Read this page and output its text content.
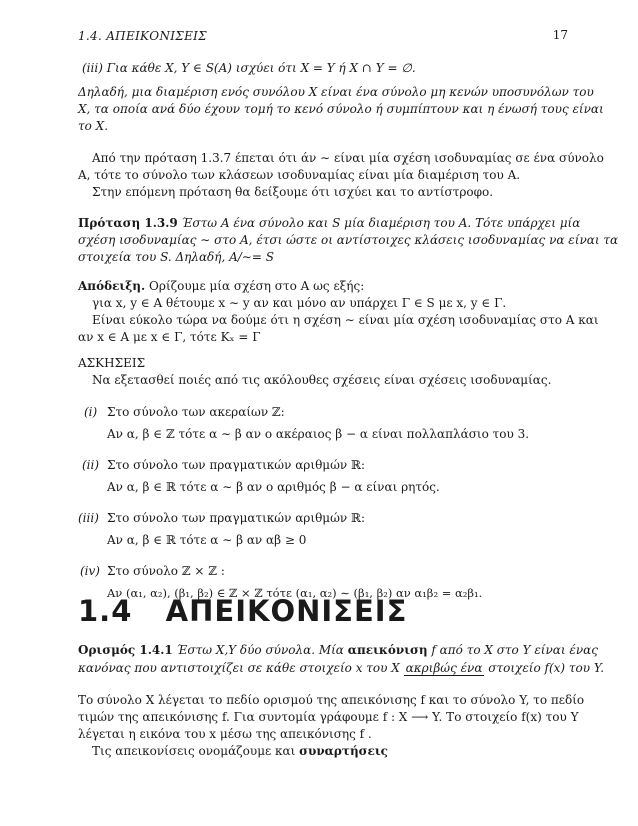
1.4. ΑΠΕΙΚΟΝΙΣΕΙΣ	17
(iii) Για κάθε X, Y ∈ S(A) ισχύει ότι X = Y ή X ∩ Y = ∅.
Δηλαδή, μια διαμέριση ενός συνόλου X είναι ένα σύνολο μη κενών υποσυνόλων του
X, τα οποία ανά δύο έχουν τομή το κενό σύνολο ή συμπίπτουν και η ένωσή τους είναι
το X.
Από την πρόταση 1.3.7 έπεται ότι άν ∼ είναι μία σχέση ισοδυναμίας σε ένα σύνολο
A, τότε το σύνολο των κλάσεων ισοδυναμίας είναι μία διαμέριση του A.
Στην επόμενη πρόταση θα δείξουμε ότι ισχύει και το αντίστροφο.
Πρόταση 1.3.9 Έστω A ένα σύνολο και S μία διαμέριση του A. Τότε υπάρχει μία
σχέση ισοδυναμίας ∼ στο A, έτσι ώστε οι αντίστοιχες κλάσεις ισοδυναμίας να είναι τα
στοιχεία του S. Δηλαδή, A/∼= S
Απόδειξη. Ορίζουμε μία σχέση στο A ως εξής:
για x, y ∈ A θέτουμε x ∼ y αν και μόνο αν υπάρχει Γ ∈ S με x, y ∈ Γ.
Είναι εύκολο τώρα να δούμε ότι η σχέση ∼ είναι μία σχέση ισοδυναμίας στο A και
αν x ∈ A με x ∈ Γ, τότε Kₓ = Γ
ΑΣΚΗΣΕΙΣ
Να εξετασθεί ποιές από τις ακόλουθες σχέσεις είναι σχέσεις ισοδυναμίας.
(i) Στο σύνολο των ακεραίων ℤ:
Αν α, β ∈ ℤ τότε α ∼ β αν ο ακέραιος β − α είναι πολλαπλάσιο του 3.
(ii) Στο σύνολο των πραγματικών αριθμών ℝ:
Αν α, β ∈ ℝ τότε α ∼ β αν ο αριθμός β − α είναι ρητός.
(iii) Στο σύνολο των πραγματικών αριθμών ℝ:
Αν α, β ∈ ℝ τότε α ∼ β αν αβ ≥ 0
(iv) Στο σύνολο ℤ × ℤ :
Αν (α₁, α₂), (β₁, β₂) ∈ ℤ × ℤ τότε (α₁, α₂) ∼ (β₁, β₂) αν α₁β₂ = α₂β₁.
1.4 ΑΠΕΙΚΟΝΙΣΕΙΣ
Ορισμός 1.4.1 Έστω X,Y δύο σύνολα. Μία απεικόνιση f από το X στο Y είναι ένας
κανόνας που αντιστοιχίζει σε κάθε στοιχείο x του X ακριβώς ένα στοιχείο f(x) του Y.
Το σύνολο X λέγεται το πεδίο ορισμού της απεικόνισης f και το σύνολο Y, το πεδίο
τιμών της απεικόνισης f. Για συντομία γράφουμε f : X ⟶ Y. Το στοιχείο f(x) του Y
λέγεται η εικόνα του x μέσω της απεικόνισης f .
Τις απεικονίσεις ονομάζουμε και συναρτήσεις
